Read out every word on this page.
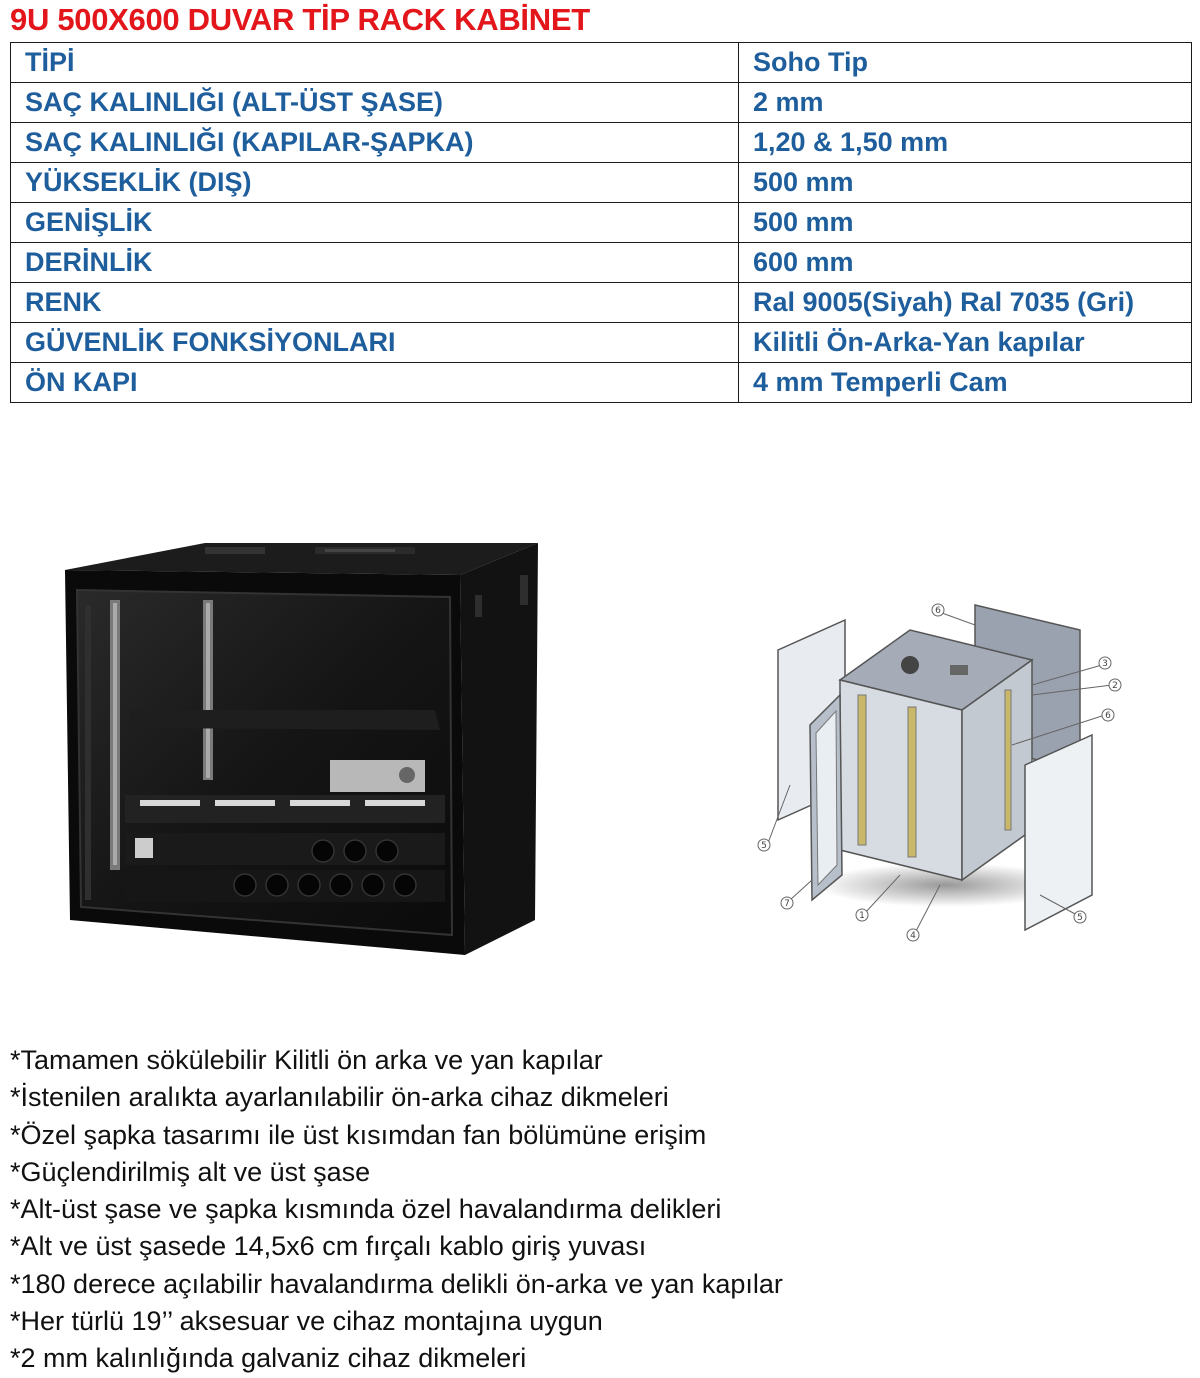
9U 500X600 DUVAR TİP RACK KABİNET
TİPİ	Soho Tip
SAÇ KALINLIĞI (ALT-ÜST ŞASE)	2 mm
SAÇ KALINLIĞI (KAPILAR-ŞAPKA)	1,20 & 1,50 mm
YÜKSEKLİK (DIŞ)	500 mm
GENİŞLİK	500 mm
DERİNLİK	600 mm
RENK	Ral 9005(Siyah) Ral 7035 (Gri)
GÜVENLİK FONKSİYONLARI	Kilitli Ön-Arka-Yan kapılar
ÖN KAPI	4 mm Temperli Cam
6
3
2
6
5
7
1
4
5
*Tamamen sökülebilir Kilitli ön arka ve yan kapılar
*İstenilen aralıkta ayarlanılabilir ön-arka cihaz dikmeleri
*Özel şapka tasarımı ile üst kısımdan fan bölümüne erişim
*Güçlendirilmiş alt ve üst şase
*Alt-üst şase ve şapka kısmında özel havalandırma delikleri
*Alt ve üst şasede 14,5x6 cm fırçalı kablo giriş yuvası
*180 derece açılabilir havalandırma delikli ön-arka ve yan kapılar
*Her türlü 19’’ aksesuar ve cihaz montajına uygun
*2 mm kalınlığında galvaniz cihaz dikmeleri
